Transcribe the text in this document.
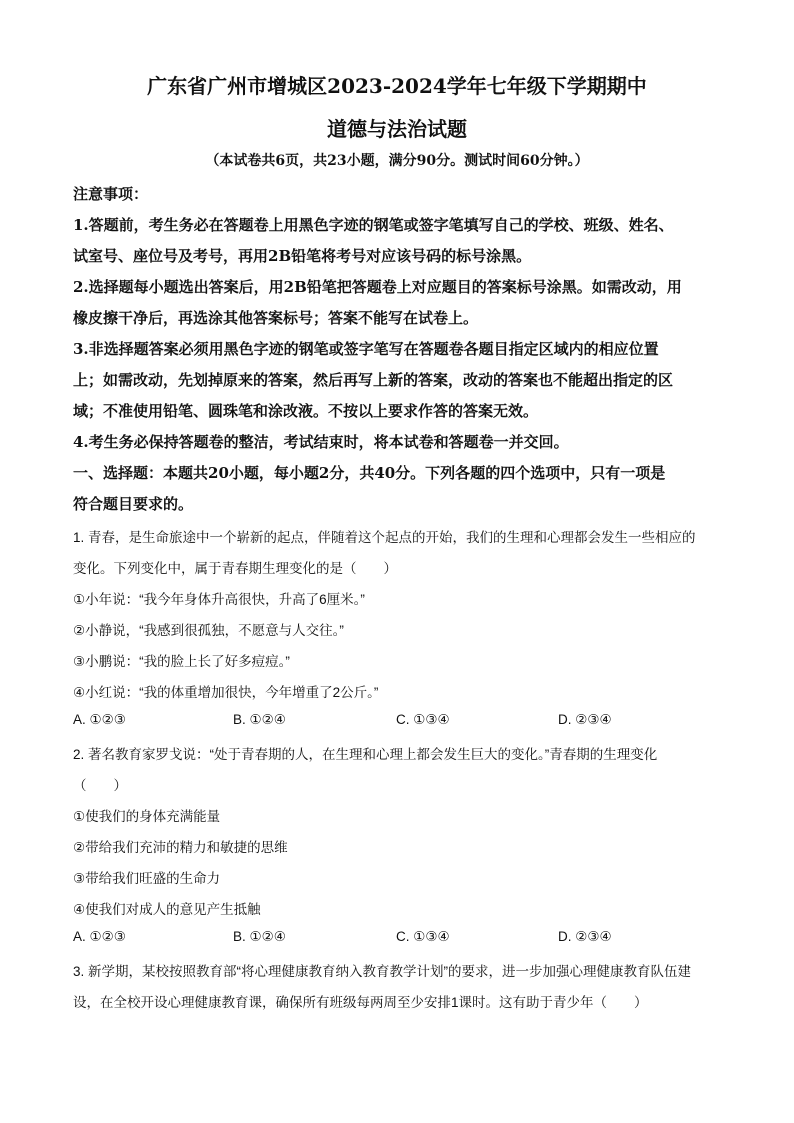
广东省广州市增城区2023-2024学年七年级下学期期中
道德与法治试题
（本试卷共6页，共23小题，满分90分。测试时间60分钟。）
注意事项：
1.答题前，考生务必在答题卷上用黑色字迹的钢笔或签字笔填写自己的学校、班级、姓名、
试室号、座位号及考号，再用2B铅笔将考号对应该号码的标号涂黑。
2.选择题每小题选出答案后，用2B铅笔把答题卷上对应题目的答案标号涂黑。如需改动，用
橡皮擦干净后，再选涂其他答案标号；答案不能写在试卷上。
3.非选择题答案必须用黑色字迹的钢笔或签字笔写在答题卷各题目指定区域内的相应位置
上；如需改动，先划掉原来的答案，然后再写上新的答案，改动的答案也不能超出指定的区
域；不准使用铅笔、圆珠笔和涂改液。不按以上要求作答的答案无效。
4.考生务必保持答题卷的整洁，考试结束时，将本试卷和答题卷一并交回。
一、选择题：本题共20小题，每小题2分，共40分。下列各题的四个选项中，只有一项是
符合题目要求的。
1. 青春，是生命旅途中一个崭新的起点，伴随着这个起点的开始，我们的生理和心理都会发生一些相应的
变化。下列变化中，属于青春期生理变化的是（　　）
①小年说：“我今年身体升高很快，升高了6厘米。”
②小静说，“我感到很孤独，不愿意与人交往。”
③小鹏说：“我的脸上长了好多痘痘。”
④小红说：“我的体重增加很快，今年增重了2公斤。”
A. ①②③	B. ①②④	C. ①③④	D. ②③④
2. 著名教育家罗戈说：“处于青春期的人，在生理和心理上都会发生巨大的变化。”青春期的生理变化
（　　）
①使我们的身体充满能量
②带给我们充沛的精力和敏捷的思维
③带给我们旺盛的生命力
④使我们对成人的意见产生抵触
A. ①②③	B. ①②④	C. ①③④	D. ②③④
3. 新学期，某校按照教育部“将心理健康教育纳入教育教学计划”的要求，进一步加强心理健康教育队伍建
设，在全校开设心理健康教育课，确保所有班级每两周至少安排1课时。这有助于青少年（　　）
